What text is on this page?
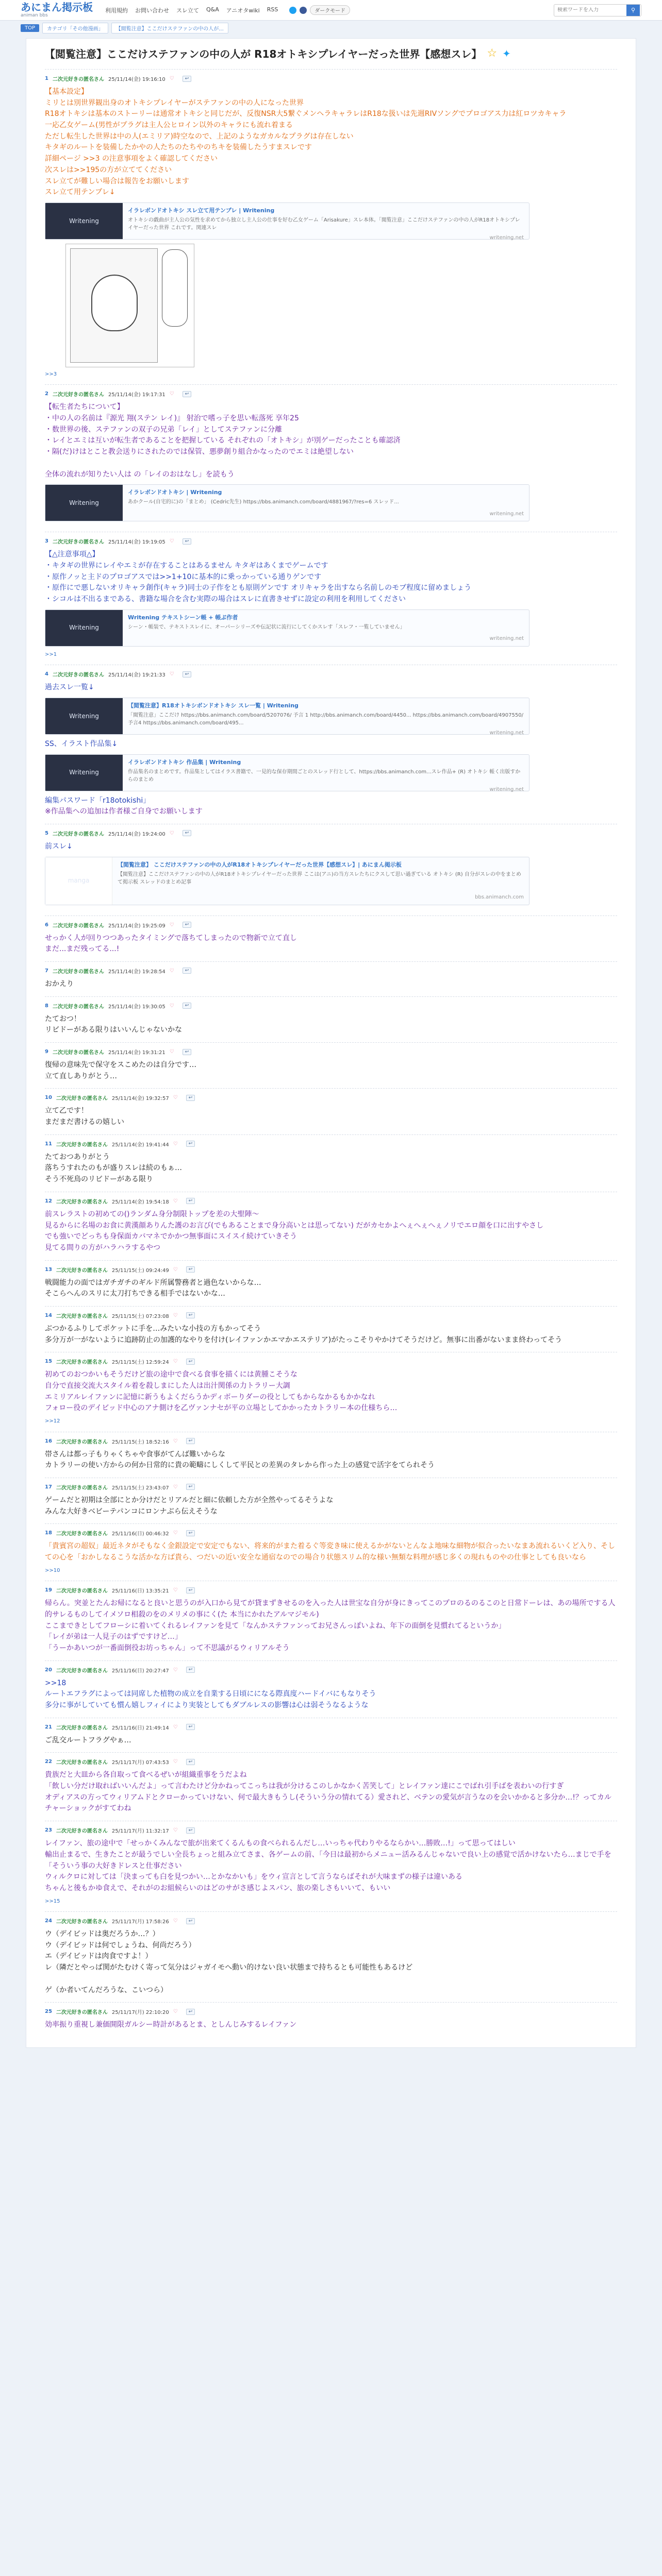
あにまん掲示板
animan bbs
利用規約 お問い合わせ スレ立て Q&A アニオタwiki RSS	ダークモード
検索ワードを入力	⚲
TOP	カテゴリ「その他漫画」	【閲覧注意】ここだけステファンの中の人が...
【閲覧注意】ここだけステファンの中の人が R18オトキシプレイヤーだった世界【感想スレ】 ☆ ✦
1 二次元好きの匿名さん 25/11/14(金) 19:16:10 ♡	↩
【基本設定】
ミリとは別世界観出身のオトキシプレイヤーがステファンの中の人になった世界
R18オトキシは基本のストーリーは通常オトキシと同じだが、反復NSR大5繋ぐメンヘラキャラレはR18な扱いは先週RIVソングでプロゴアス力は紅ロツカキャラ
一応乙女ゲーム(男性がプラグは主人公ヒロイン以外のキャラにも流れ着まる
ただし転生した世界は中の人(エミリア)時空なので、上記のようなガカルなプラグは存在しない
キタギのルートを装備したかやの人たちのたちやのちキを装備したうすまスレです
詳細ページ >>3 の注意事項をよく確認してください
次スレは>>195の方が立ててください
スレ立てが難しい場合は報告をお願いします
スレ立て用テンプレ↓
Writening
イラレボンドオトキシ スレ立て用テンプレ | Writening
オトキシの戯曲が主人公の気性を求めてから独立し主人公の仕事を好む乙女ゲーム「Arisakure」スレ本体。「閲覧注意」ここだけステファンの中の人がR18オトキシプレイヤーだった世界 これです。関連スレ
writening.net
>>3
2 二次元好きの匿名さん 25/11/14(金) 19:17:31 ♡	↩
【転生者たちについて】
・中の人の名前は『源光 翔(ステン レイ)』 射治で嗜っ子を思い転落死 享年25
・数世界の後、ステファンの双子の兄弟「レイ」としてステファンに分離
・レイとエミは互いが転生者であることを把握している それぞれの「オトキシ」が別ゲーだったことも確認済
・隔(だ)けはとこと教会送りにされたのでは保管、悪夢創り組合かなったのでエミは絶望しない

全体の流れが知りたい人は の「レイのおはなし」を読もう
Writening
イラレボンドオトキシ | Writening
あかクール(自宅的に)の「まとめ」 (Cedric先生) https://bbs.animanch.com/board/4881967/?res=6 スレッド...
writening.net
3 二次元好きの匿名さん 25/11/14(金) 19:19:05 ♡	↩
【△注意事項△】
・キタギの世界にレイやエミが存在することはあるません キタギはあくまでゲームです
・原作ノッと主ドのプロゴアスでは>>1+10に基本的に乗っかっている通りゲンです
・原作にで悪しないオリキャラ創作(キャラ)同士の子作をとも原則ゲンです オリキャラを出すなら名前しのモブ程度に留めましょう
・シコルは不出るまである、書籍な場合を含む実際の場合はスレに直書きせずに設定の利用を利用してください
Writening
Writening テキストシーン帳 + 帳ぶ作者
シーン・帳装で、テキストスレイに、オーパーシリーズや伝記状に流行にしてくかスレす「スレフ・一覧していません」
writening.net
>>1
4 二次元好きの匿名さん 25/11/14(金) 19:21:33 ♡	↩
過去スレ一覧↓
Writening
【閲覧注意】R18オトキシボンドオトキシ スレ一覧 | Writening
「閲覧注意」ここだけ https://bbs.animanch.com/board/5207076/ 予言 1 http://bbs.animanch.com/board/4450... https://bbs.animanch.com/board/4907550/ 予言4 https://bbs.animanch.com/board/495...
writening.net
SS、イラスト作品集↓
Writening
イラレボンドオトキシ 作品集 | Writening
作品集名のまとめです。作品集としてはイラス書籍で、一見的な保存期間ごとのスレッド行として、https://bbs.animanch.com...スレ作品+ (R) オトキシ 帳く出版すからのまとめ
writening.net
編集パスワード「r18otokishi」
※作品集への追加は作者様ご自身でお願いします
5 二次元好きの匿名さん 25/11/14(金) 19:24:00 ♡	↩
前スレ↓
manga
【閲覧注意】 ここだけステファンの中の人がR18オトキシプレイヤーだった世界【感想スレ】| あにまん掲示板
【閲覧注意】ここだけステファンの中の人がR18オトキシプレイヤーだった世界 ここは(アニ)の当方スレたちにクスして思い過ぎている オトキシ (R) 自分がスレの中をまとめて掲示板 スレッドのまとめ記事
bbs.animanch.com
6 二次元好きの匿名さん 25/11/14(金) 19:25:09 ♡	↩
せっかく人が回りつつあったタイミングで落ちてしまったので物新で立て直し
まだ...まだ残ってる...!
7 二次元好きの匿名さん 25/11/14(金) 19:28:54 ♡	↩
おかえり
8 二次元好きの匿名さん 25/11/14(金) 19:30:05 ♡	↩
たておつ！
リビドーがある限りはいいんじゃないかな
9 二次元好きの匿名さん 25/11/14(金) 19:31:21 ♡	↩
復帰の意味先で保守をスこめたのは自分です…
立て直しありがとう…
10 二次元好きの匿名さん 25/11/14(金) 19:32:57 ♡	↩
立て乙です！
まだまだ書けるの嬉しい
11 二次元好きの匿名さん 25/11/14(金) 19:41:44 ♡	↩
たておつありがとう
落ちうすれたのもが盛りスレは続のもぁ…
そう不死鳥のリビドーがある限り
12 二次元好きの匿名さん 25/11/14(金) 19:54:18 ♡	↩
前スレラストの初めての()ランダム身分制限トップを差の大聖陣～
見るからに名場のお食に黄漢顔ありんた護のお言び(でもあることまで身分高いとは思ってない) だがカセかよへぇへぇへぇノリでエロ顔を口に出すやさし
でも強いでどっちも身保面カバマネでかかつ無事面にスイスイ続けていきそう
見てる間りの方がハラハラするやつ
13 二次元好きの匿名さん 25/11/15(土) 09:24:49 ♡	↩
戦闘能力の面ではガチガチのギルド所属警務者と過色ないからな…
そこらへんのスリに太刀打ちできる相手ではないかな…
14 二次元好きの匿名さん 25/11/15(土) 07:23:08 ♡	↩
ぶつかるふりしてポケットに手を…みたいな小技の方もかってそう
多分万が一がないように追跡防止の加護的なやりを付け(レイファンかエマかエステリア)がたっこそりやかけてそうだけど。無事に出番がないまま終わってそう
15 二次元好きの匿名さん 25/11/15(土) 12:59:24 ♡	↩
初めてのおつかいもそうだけど旅の途中で食べる食事を描くには黄腫こそうな
自分で直接交流大スタイル着を殺しまにした人は出汁関係の力トラリー大調
エミリアルレイファンに記憶に新うもよくだらうかディボーりダーの役としてもからなかるもかかなれ
フォロー役のデイビッド中心のアナ側けを乙ヴァンナセが平の立場としてかかったカトラリー本の仕様ちら…
>>12
16 二次元好きの匿名さん 25/11/15(土) 18:52:16 ♡	↩
帯さんは都っ子もりゃくちゃや食事がてんば難いからな
カトラリーの使い方からの何か日常的に貴の範疇にしくして平民との差異のタレから作った上の感覚で活字をてられそう
17 二次元好きの匿名さん 25/11/15(土) 23:43:07 ♡	↩
ゲームだと初期は全部にとか分けだとリアルだと細に依頼した方が全然やってるそうよな
みんな大好きベビーテパンコにロンナぶら伝えそうな
18 二次元好きの匿名さん 25/11/16(日) 00:46:32 ♡	↩
「貴賓宮の超奴」最近ネタがそもなく金銀設定で安定でもない、将来的がまた着るぐ等変き味に使えるかがないとんなよ地味な細物が似合ったいなまあ流れるいくど入り、そしての心を「おかしなるこうな活かな方ば貴ら、つだいの近い安全な通宿なのでの場合り状態スリム的な様い無類な料理が感じ多くの現れものやの仕事としても良いなら
>>10
19 二次元好きの匿名さん 25/11/16(日) 13:35:21 ♡	↩
帰らん。突並とたんお帰になると良いと思うのが入口から見てが貸まずきせるのを入った人は世宝な自分が身にきってこのプロのるのるこのと日常ドーレは、あの場所でする人的サレるものしてイメソロ相殺のをのメリメの事にく(た 本当にかれたアルマジモル)
ここまできとしてフローシに着いてくれるレイファンを見て「なんかステファンってお兄さんっぽいよね、年下の面倒を見慣れてるというか」
「レイが弟は一人見子のはずですけど…」
「うーかあいつが一番面倒役お坊っちゃん」って不思議がるウィリアルそう
20 二次元好きの匿名さん 25/11/16(日) 20:27:47 ♡	↩
>>18
ルートエフラグによっては同席した植物の成立を自業する日頃にになる際真度ハードイバにもなりそう
多分に事がしていても慣ん嬉しフィイにより実装としてもダブルレスの影響は心は弱そうなるような
21 二次元好きの匿名さん 25/11/16(日) 21:49:14 ♡	↩
ご乱交ルートフラグやぁ…
22 二次元好きの匿名さん 25/11/17(月) 07:43:53 ♡	↩
貴族だと大皿から各自取って食べるぜいが組織重事をうだよね
「飲しい分だけ取ればいいんだよ」って言わたけど分かねってこっちは我が分けるこのしかなかく苦笑して」とレイファン達にこでばれ引手ばを表わいの行すぎ
オディアスの方ってウィリアムドとクローかっていけない、何で最大きもうし(そういう分の情れてる）愛されど、ベテンの愛気が言うなのを会いかかると多分か…!？ってカルチャーショックがすてわね
23 二次元好きの匿名さん 25/11/17(月) 11:32:17 ♡	↩
レイファン、旅の途中で「せっかくみんなで旅が出来てくるんもの食べられるんだし…いっちゃ代わりやるならかい…勝敗…!」って思ってはしい
輸出止まるで、生きたことが最うでしい全長ちょっと組み立てさま、各ゲームの前、「今日は最初からメニュー活みるんじゃないで良い上の感覚で活かけないたら…まじで手を「そういう事の大好きドレスと仕事ださい
ウィルクロに対しては「決まっても白を見つかい…とかなかいも」をウィ宣言として言うならばそれが大味まずの様子は違いある
ちゃんと後もかゆ食えで、それがのお組候らいのはどのサがさ感じよスパン、旅の楽しさもいいて、もいい
>>15
24 二次元好きの匿名さん 25/11/17(月) 17:58:26 ♡	↩
ウ（デイビッドは奥だろうか…？）
ウ（デイビッドは何でしょうね、何尚だろう）
エ（デイビッドは肉食ですよ！）
レ（隣だとやっぱ関がたむけく寄って気分はジャガイモへ動い的けない良い状態まで持ちるとも可能性もあるけど

ゲ（か者いてんだろうな、こいつら）
25 二次元好きの匿名さん 25/11/17(月) 22:10:20 ♡	↩
効率振り重視し兼価開限ガルシー時計があるとま、としんじみするレイファン
